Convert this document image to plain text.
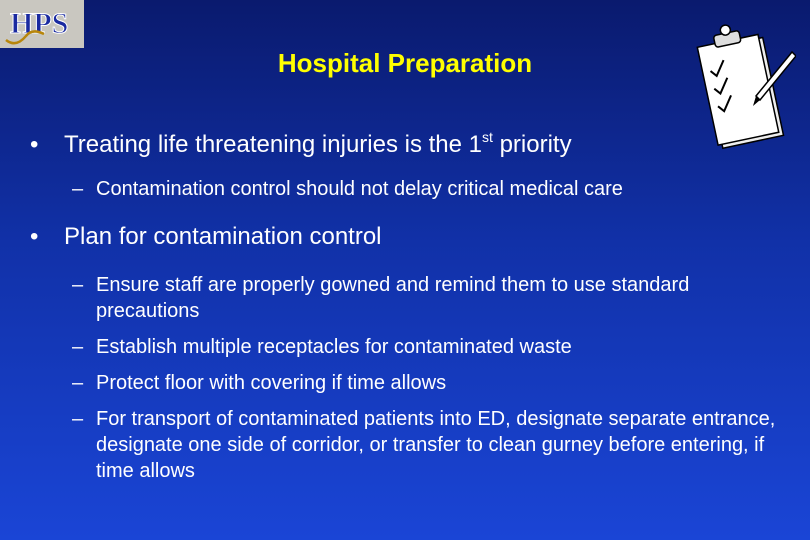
HPS
Hospital Preparation
• Treating life threatening injuries is the 1st priority
– Contamination control should not delay critical medical care
• Plan for contamination control
– Ensure staff are properly gowned and remind them to use standard precautions
– Establish multiple receptacles for contaminated waste
– Protect floor with covering if time allows
– For transport of contaminated patients into ED, designate separate entrance, designate one side of corridor, or transfer to clean gurney before entering, if time allows
